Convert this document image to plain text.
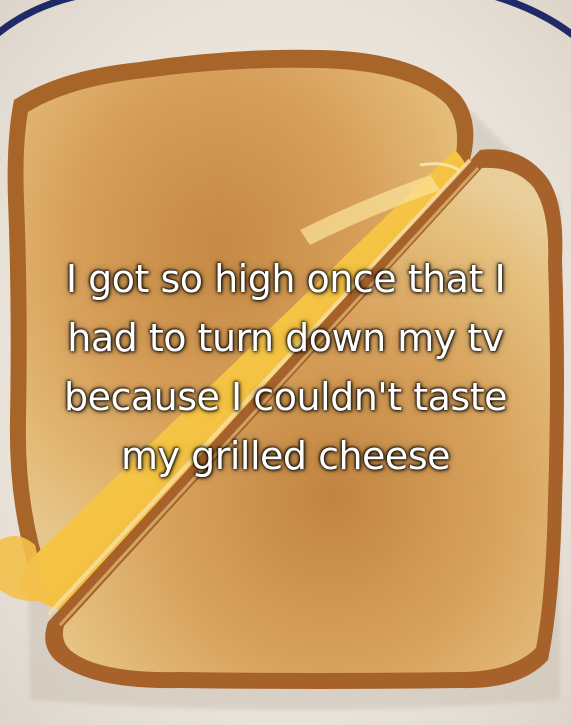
I got so high once that I
had to turn down my tv
because I couldn't taste
my grilled cheese
